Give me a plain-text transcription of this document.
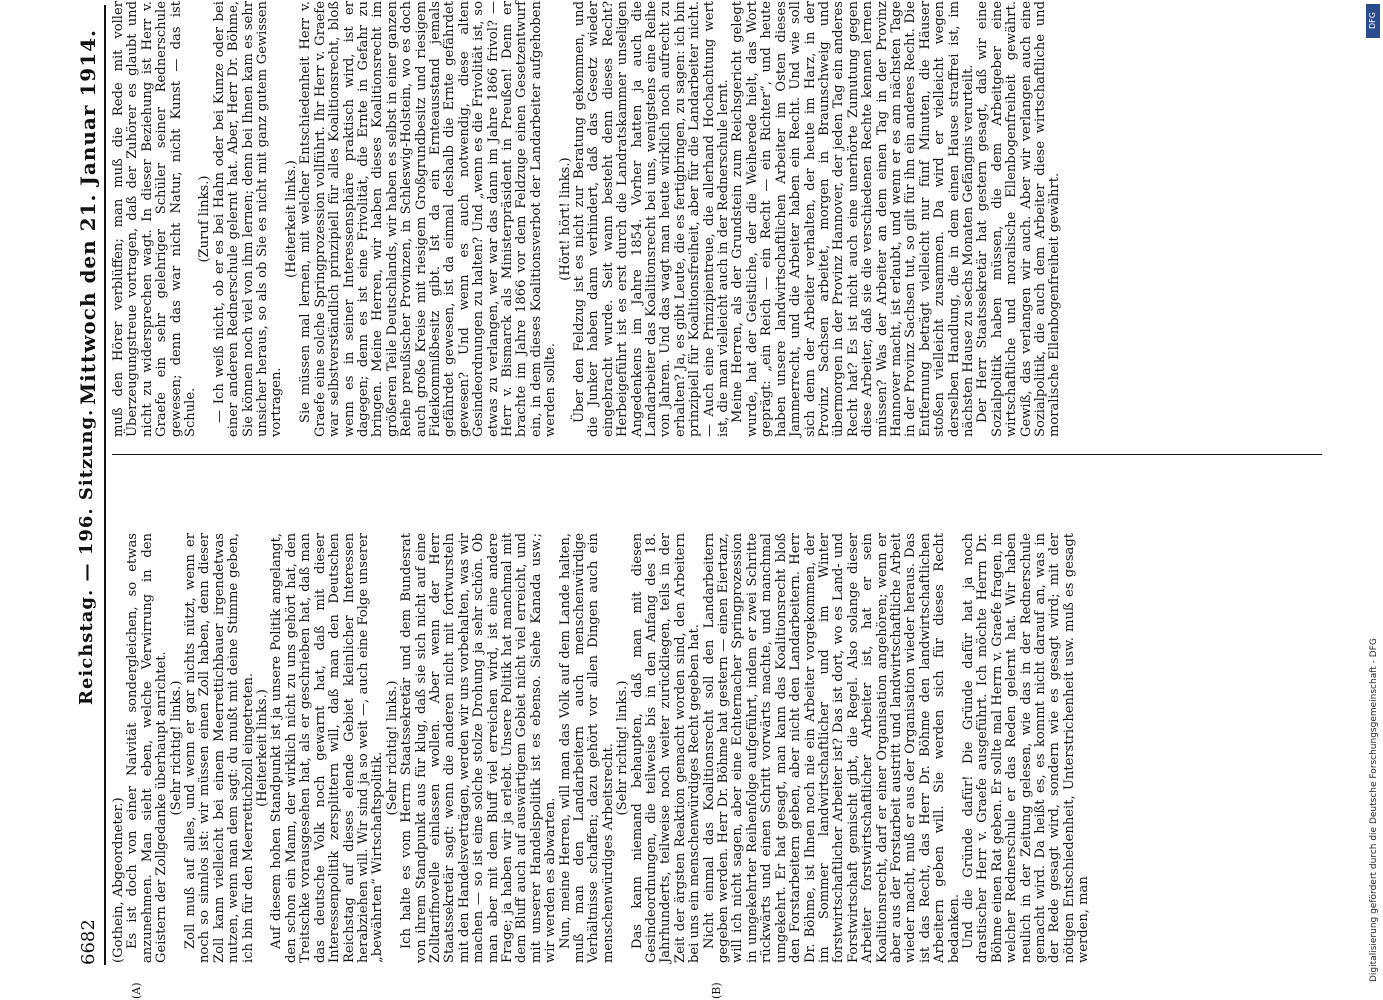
6682
Reichstag. — 196. Sitzung.
Mittwoch den 21. Januar 1914.
(A)	(B)

(Gothein, Abgeordneter.) Es ist doch von einer Naivität sondergleichen, so etwas anzunehmen. Man sieht eben, welche Verwirrung in den Geistern der Zollgedanke überhaupt anrichtet. (Sehr richtig! links.) Zoll muß auf alles, und wenn er gar nichts nützt, wenn er noch so sinnlos ist: wir müssen einen Zoll haben, denn dieser Zoll kann vielleicht bei einem Meerrettichbauer irgendetwas nutzen, wenn man dem sagt: du mußt mit deine Stimme geben, ich bin für den Meerrettichzoll eingetreten. (Heiterkeit links.) Auf diesem hohen Standpunkt ist ja unsere Politik angelangt, den schon ein Mann, der wirklich nicht zu uns gehört hat, den Treitschke vorausgesehen hat, als er geschrieben hat, daß man das deutsche Volk noch gewarnt hat, daß mit dieser Interessenpolitik zersplittern will, daß man den Deutschen Reichstag auf dieses elende Gebiet kleinlicher Interessen herabziehen will. Wir sind ja so weit —, auch eine Folge unserer „bewährten“ Wirtschaftspolitik.

(Sehr richtig! links.) Ich halte es vom Herrn Staatssekretär und dem Bundesrat von ihrem Standpunkt aus für klug, daß sie sich nicht auf eine Zolltarifnovelle einlassen wollen. Aber wenn der Herr Staatssekretär sagt: wenn die anderen nicht mit fortwursteln mit den Handelsverträgen, werden wir uns vorbehalten, was wir machen — so ist eine solche stolze Drohung ja sehr schön. Ob man aber mit dem Bluff viel erreichen wird, ist eine andere Frage; ja haben wir ja erlebt. Unsere Politik hat manchmal mit dem Bluff auch auf auswärtigem Gebiet nicht viel erreicht, und mit unserer Handelspolitik ist es ebenso. Siehe Kanada usw.; wir werden es abwarten. Nun, meine Herren, will man das Volk auf dem Lande halten, muß man den Landarbeitern auch menschenwürdige Verhältnisse schaffen; dazu gehört vor allen Dingen auch ein menschenwürdiges Arbeitsrecht. (Sehr richtig! links.) Das kann niemand behaupten, daß man mit diesen Gesindeordnungen, die teilweise bis in den Anfang des 18. Jahrhunderts, teilweise noch weiter zurückliegen, teils in der Zeit der ärgsten Reaktion gemacht worden sind, den Arbeitern bei uns ein menschenwürdiges Recht gegeben hat. Nicht einmal das Koalitionsrecht soll den Landarbeitern gegeben werden. Herr Dr. Böhme hat gestern — einen Eiertanz, will ich nicht sagen, aber eine Echternacher Springprozession in umgekehrter Reihenfolge aufgeführt, indem er zwei Schritte rückwärts und einen Schritt vorwärts machte, und manchmal umgekehrt. Er hat gesagt, man kann das Koalitionsrecht bloß den Forstarbeitern geben, aber nicht den Landarbeitern. Herr Dr. Böhme, ist Ihnen noch nie ein Arbeiter vorgekommen, der im Sommer landwirtschaftlicher und im Winter forstwirtschaftlicher Arbeiter ist? Das ist dort, wo es Land- und Forstwirtschaft gemischt gibt, die Regel. Also solange dieser Arbeiter forstwirtschaftlicher Arbeiter ist, hat er sein Koalitionsrecht, darf er einer Organisation angehören; wenn er aber aus der Forstarbeit austritt und landwirtschaftliche Arbeit wieder macht, muß er aus der Organisation wieder heraus. Das ist das Recht, das Herr Dr. Böhme den landwirtschaftlichen Arbeitern geben will. Sie werden sich für dieses Recht bedanken. Und die Gründe dafür! Die Gründe dafür hat ja noch drastischer Herr v. Graefe ausgeführt. Ich möchte Herrn Dr. Böhme einen Rat geben. Er sollte mal Herrn v. Graefe fragen, in welcher Rednerschule er das Reden gelernt hat. Wir haben neulich in der Zeitung gelesen, wie das in der Rednerschule gemacht wird. Da heißt es, es kommt nicht darauf an, was in der Rede gesagt wird, sondern wie es gesagt wird; mit der nötigen Entschiedenheit, Unterstrichenheit usw. muß es gesagt werden, man

muß den Hörer verblüffen; man muß die Rede mit voller Überzeugungstreue vortragen, daß der Zuhörer es glaubt und nicht zu widersprechen wagt. In dieser Beziehung ist Herr v. Graefe ein sehr gelehriger Schüler seiner Rednerschule gewesen; denn das war nicht Natur, nicht Kunst — das ist Schule.

(Zuruf links.) — Ich weiß nicht, ob er es bei Hahn oder bei Kunze oder bei einer anderen Rednerschule gelernt hat. Aber, Herr Dr. Böhme, Sie können noch viel von ihm lernen; denn bei Ihnen kam es sehr unsicher heraus, so als ob Sie es nicht mit ganz gutem Gewissen vortragen.

(Heiterkeit links.) Sie müssen mal lernen, mit welcher Entschiedenheit Herr v. Graefe eine solche Springprozession vollführt. Ihr Herr v. Graefe war selbstverständlich prinzipiell für alles Koalitionsrecht, bloß wenn es in seiner Interessensphäre praktisch wird, ist er dagegen; denn es ist eine Frivolität, die Ernte in Gefahr zu bringen. Meine Herren, wir haben dieses Koalitionsrecht im größeren Teile Deutschlands, wir haben es selbst in einer ganzen Reihe preußischer Provinzen, in Schleswig-Holstein, wo es doch auch große Kreise mit riesigem Großgrundbesitz und riesigem Fideikommißbesitz gibt. Ist da ein Ernteausstand jemals gefährdet gewesen, ist da einmal deshalb die Ernte gefährdet gewesen? Und wenn es auch notwendig, diese alten Gesindeordnungen zu halten? Und „wenn es die Frivolität ist, so etwas zu verlangen, wer war das dann im Jahre 1866 frivol? — Herr v. Bismarck als Ministerpräsident in Preußen! Denn er brachte im Jahre 1866 vor dem Feldzuge einen Gesetzentwurf ein, in dem dieses Koalitionsverbot der Landarbeiter aufgehoben werden sollte.

(Hört! hört! links.) Über den Feldzug ist es nicht zur Beratung gekommen, und die Junker haben dann verhindert, daß das Gesetz wieder eingebracht wurde. Seit wann besteht denn dieses Recht? Herbeigeführt ist es erst durch die Landratskammer unseligen Angedenkens im Jahre 1854. Vorher hatten ja auch die Landarbeiter das Koalitionsrecht bei uns, wenigstens eine Reihe von Jahren. Und das wagt man heute wirklich noch aufrecht zu erhalten? Ja, es gibt Leute, die es fertigbringen, zu sagen: ich bin prinzipiell für Koalitionsfreiheit, aber für die Landarbeiter nicht. — Auch eine Prinzipientreue, die allerhand Hochachtung wert ist, die man vielleicht auch in der Rednerschule lernt. Meine Herren, als der Grundstein zum Reichsgericht gelegt wurde, hat der Geistliche, der die Weiherede hielt, das Wort geprägt: „ein Reich — ein Recht — ein Richter“, und heute haben unsere landwirtschaftlichen Arbeiter im Osten dieses Jammerrecht, und die Arbeiter haben ein Recht. Und wie soll sich denn der Arbeiter verhalten, der heute im Harz, in der Provinz Sachsen arbeitet, morgen in Braunschweig und übermorgen in der Provinz Hannover, der jeden Tag ein anderes Recht hat? Es ist nicht auch eine unerhörte Zumutung gegen diese Arbeiter, daß sie die verschiedenen Rechte kennen lernen müssen? Was der Arbeiter an dem einen Tag in der Provinz Hannover macht, ist erlaubt, und wenn er es am nächsten Tage in der Provinz Sachsen tut, so gilt für ihn ein anderes Recht. Die Entfernung beträgt vielleicht nur fünf Minuten, die Häuser stoßen vielleicht zusammen. Da wird er vielleicht wegen derselben Handlung, die in dem einen Hause straffrei ist, im nächsten Hause zu sechs Monaten Gefängnis verurteilt. Der Herr Staatssekretär hat gestern gesagt, daß wir eine Sozialpolitik haben müssen, die dem Arbeitgeber eine wirtschaftliche und moralische Ellenbogenfreiheit gewährt. Gewiß, das verlangen wir auch. Aber wir verlangen auch eine Sozialpolitik, die auch dem Arbeiter diese wirtschaftliche und moralische Ellenbogenfreiheit gewährt.

DFG
Digitalisierung gefördert durch die Deutsche Forschungsgemeinschaft - DFG
